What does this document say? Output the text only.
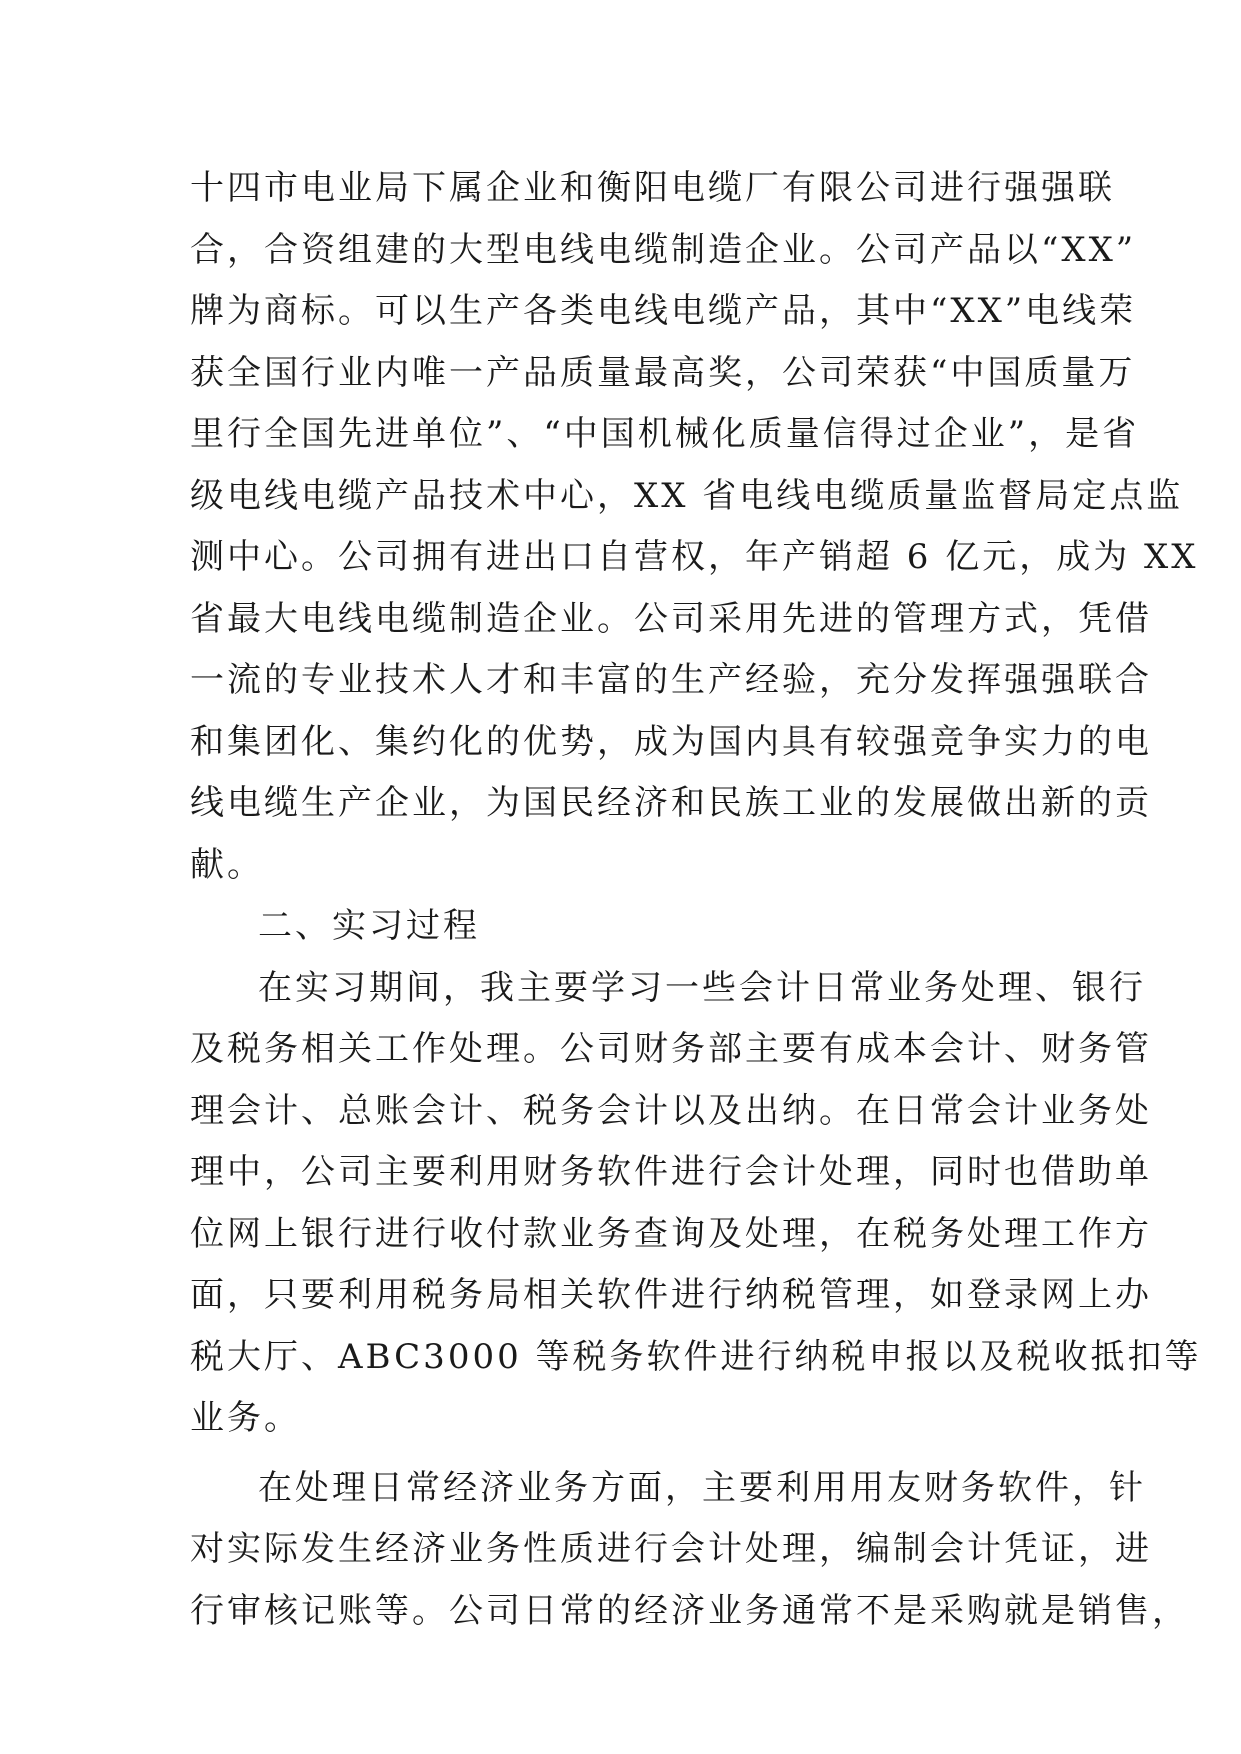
十四市电业局下属企业和衡阳电缆厂有限公司进行强强联
合，合资组建的大型电线电缆制造企业。公司产品以“XX”
牌为商标。可以生产各类电线电缆产品，其中“XX”电线荣
获全国行业内唯一产品质量最高奖，公司荣获“中国质量万
里行全国先进单位”、“中国机械化质量信得过企业”，是省
级电线电缆产品技术中心，XX 省电线电缆质量监督局定点监
测中心。公司拥有进出口自营权，年产销超 6 亿元，成为 XX
省最大电线电缆制造企业。公司采用先进的管理方式，凭借
一流的专业技术人才和丰富的生产经验，充分发挥强强联合
和集团化、集约化的优势，成为国内具有较强竞争实力的电
线电缆生产企业，为国民经济和民族工业的发展做出新的贡
献。
二、实习过程
在实习期间，我主要学习一些会计日常业务处理、银行
及税务相关工作处理。公司财务部主要有成本会计、财务管
理会计、总账会计、税务会计以及出纳。在日常会计业务处
理中，公司主要利用财务软件进行会计处理，同时也借助单
位网上银行进行收付款业务查询及处理，在税务处理工作方
面，只要利用税务局相关软件进行纳税管理，如登录网上办
税大厅、ABC3000 等税务软件进行纳税申报以及税收抵扣等
业务。
在处理日常经济业务方面，主要利用用友财务软件，针
对实际发生经济业务性质进行会计处理，编制会计凭证，进
行审核记账等。公司日常的经济业务通常不是采购就是销售，
